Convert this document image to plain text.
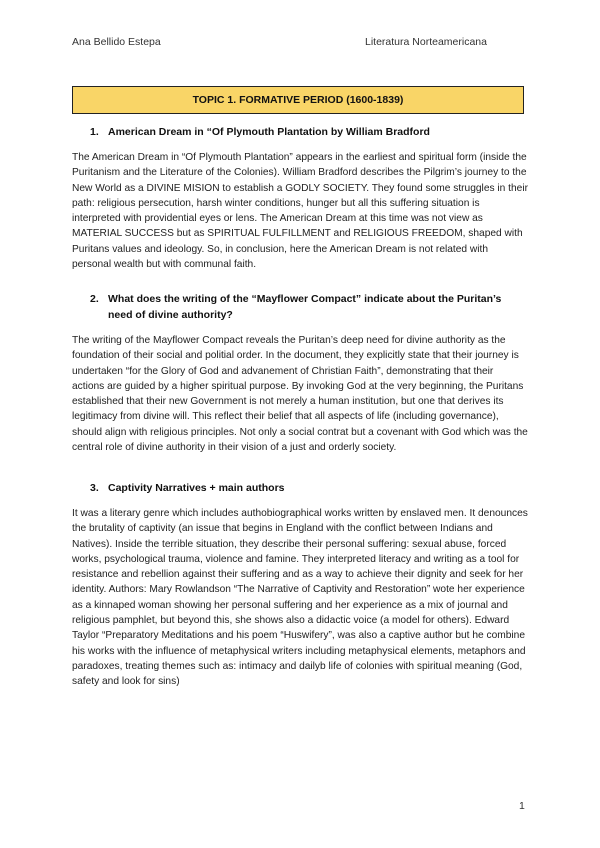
Ana Bellido Estepa	Literatura Norteamericana
TOPIC 1. FORMATIVE PERIOD (1600-1839)
1. American Dream in “Of Plymouth Plantation by William Bradford
The American Dream in “Of Plymouth Plantation” appears in the earliest and spiritual form (inside the Puritanism and the Literature of the Colonies). William Bradford describes the Pilgrim’s journey to the New World as a DIVINE MISION to establish a GODLY SOCIETY. They found some struggles in their path: religious persecution, harsh winter conditions, hunger but all this suffering situation is interpreted with providential eyes or lens. The American Dream at this time was not view as MATERIAL SUCCESS but as SPIRITUAL FULFILLMENT and RELIGIOUS FREEDOM, shaped with Puritans values and ideology. So, in conclusion, here the American Dream is not related with personal wealth but with communal faith.
2. What does the writing of the “Mayflower Compact” indicate about the Puritan’s need of divine authority?
The writing of the Mayflower Compact reveals the Puritan’s deep need for divine authority as the foundation of their social and politial order. In the document, they explicitly state that their journey is undertaken “for the Glory of God and advanement of Christian Faith”, demonstrating that their actions are guided by a higher spiritual purpose. By invoking God at the very beginning, the Puritans established that their new Government is not merely a human institution, but one that derives its legitimacy from divine will. This reflect their belief that all aspects of life (including governance), should align with religious principles. Not only a social contrat but a covenant with God which was the central role of divine authority in their vision of a just and orderly society.
3. Captivity Narratives + main authors
It was a literary genre which includes authobiographical works written by enslaved men. It denounces the brutality of captivity (an issue that begins in England with the conflict between Indians and Natives). Inside the terrible situation, they describe their personal suffering: sexual abuse, forced works, psychological trauma, violence and famine. They interpreted literacy and writing as a tool for resistance and rebellion against their suffering and as a way to achieve their dignity and seek for her identity. Authors: Mary Rowlandson “The Narrative of Captivity and Restoration” wote her experience as a kinnaped woman showing her personal suffering and her experience as a mix of journal and religious pamphlet, but beyond this, she shows also a didactic voice (a model for others). Edward Taylor “Preparatory Meditations and his poem “Huswifery”, was also a captive author but he combine his works with the influence of metaphysical writers including metaphysical elements, metaphors and paradoxes, treating themes such as: intimacy and dailyb life of colonies with spiritual meaning (God, safety and look for sins)
1
